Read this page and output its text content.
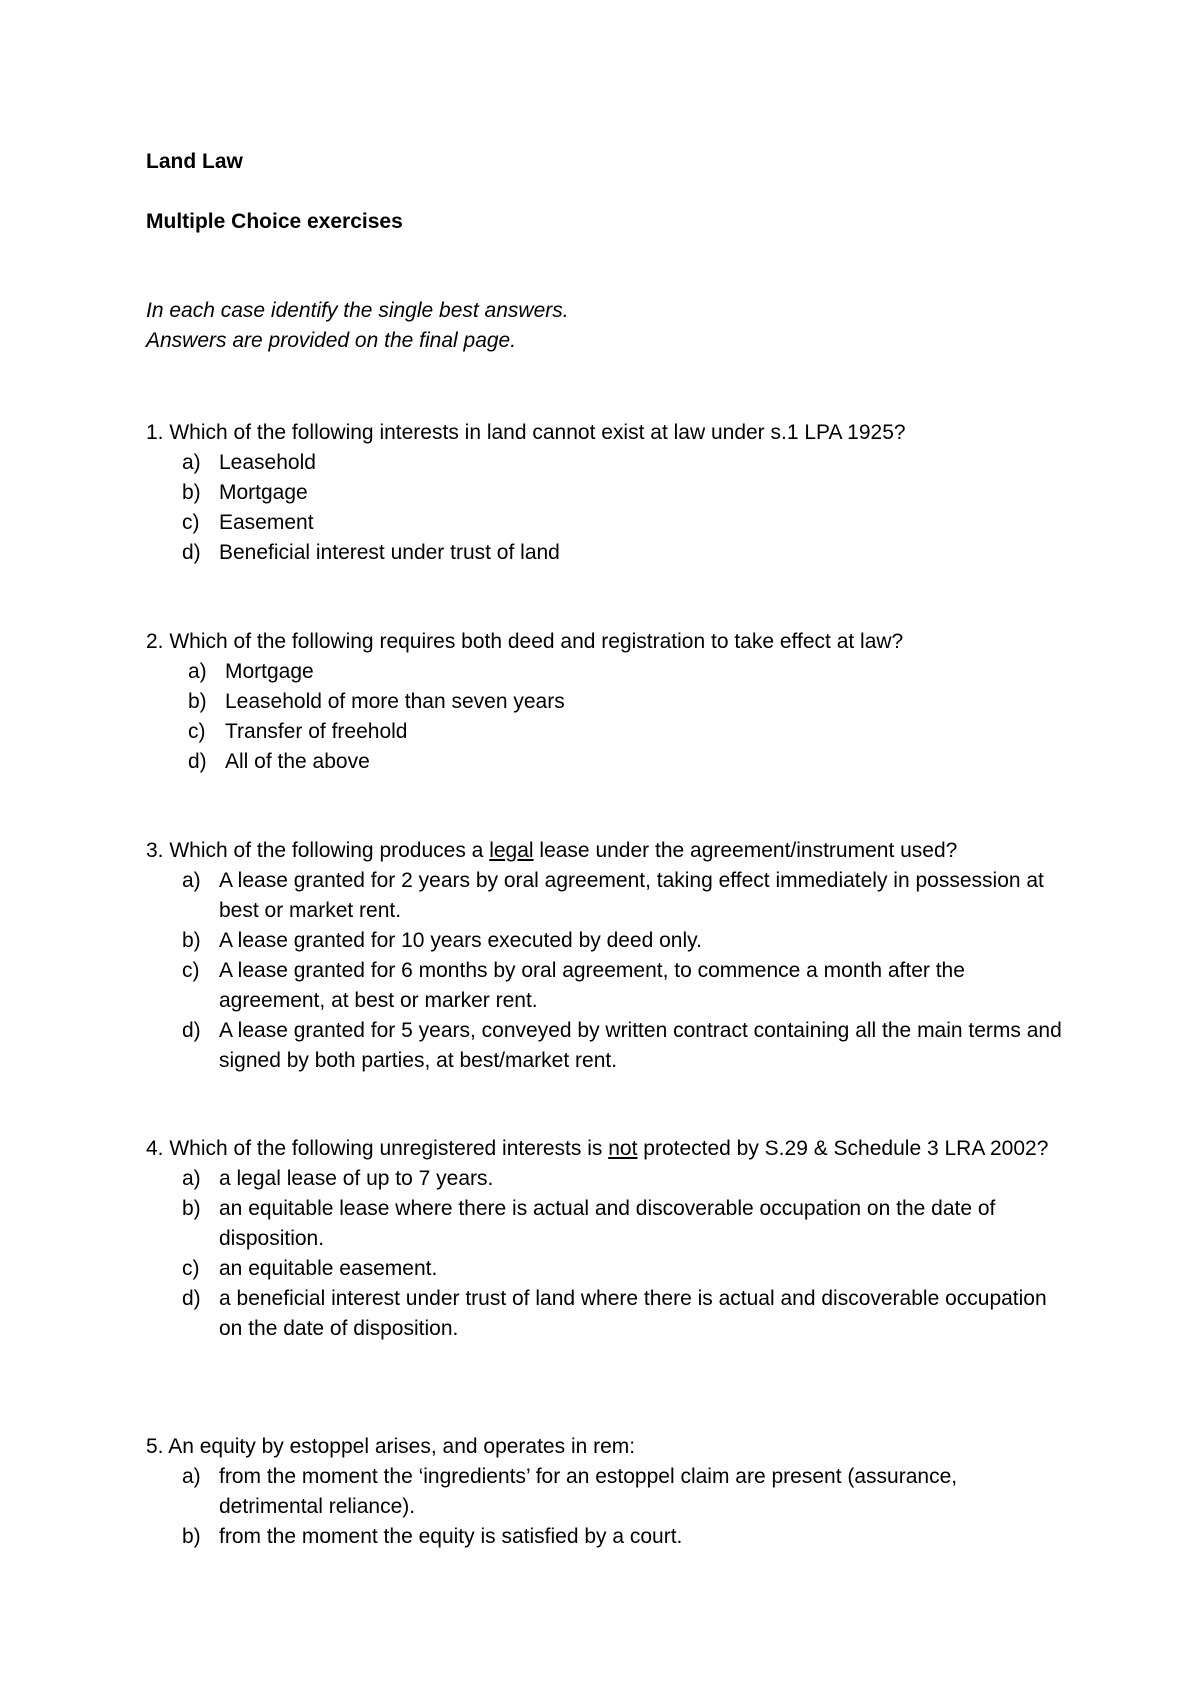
Land Law
Multiple Choice exercises
In each case identify the single best answers.
Answers are provided on the final page.

1. Which of the following interests in land cannot exist at law under s.1 LPA 1925?

a) Leasehold
b) Mortgage
c) Easement
d) Beneficial interest under trust of land

2. Which of the following requires both deed and registration to take effect at law?

a) Mortgage
b) Leasehold of more than seven years
c) Transfer of freehold
d) All of the above

3. Which of the following produces a legal lease under the agreement/instrument used?

a) A lease granted for 2 years by oral agreement, taking effect immediately in possession at best or market rent.
b) A lease granted for 10 years executed by deed only.
c) A lease granted for 6 months by oral agreement, to commence a month after the agreement, at best or marker rent.
d) A lease granted for 5 years, conveyed by written contract containing all the main terms and signed by both parties, at best/market rent.

4. Which of the following unregistered interests is not protected by S.29 & Schedule 3 LRA 2002?

a) a legal lease of up to 7 years.
b) an equitable lease where there is actual and discoverable occupation on the date of disposition.
c) an equitable easement.
d) a beneficial interest under trust of land where there is actual and discoverable occupation on the date of disposition.

5. An equity by estoppel arises, and operates in rem:

a) from the moment the ‘ingredients’ for an estoppel claim are present (assurance, detrimental reliance).
b) from the moment the equity is satisfied by a court.
